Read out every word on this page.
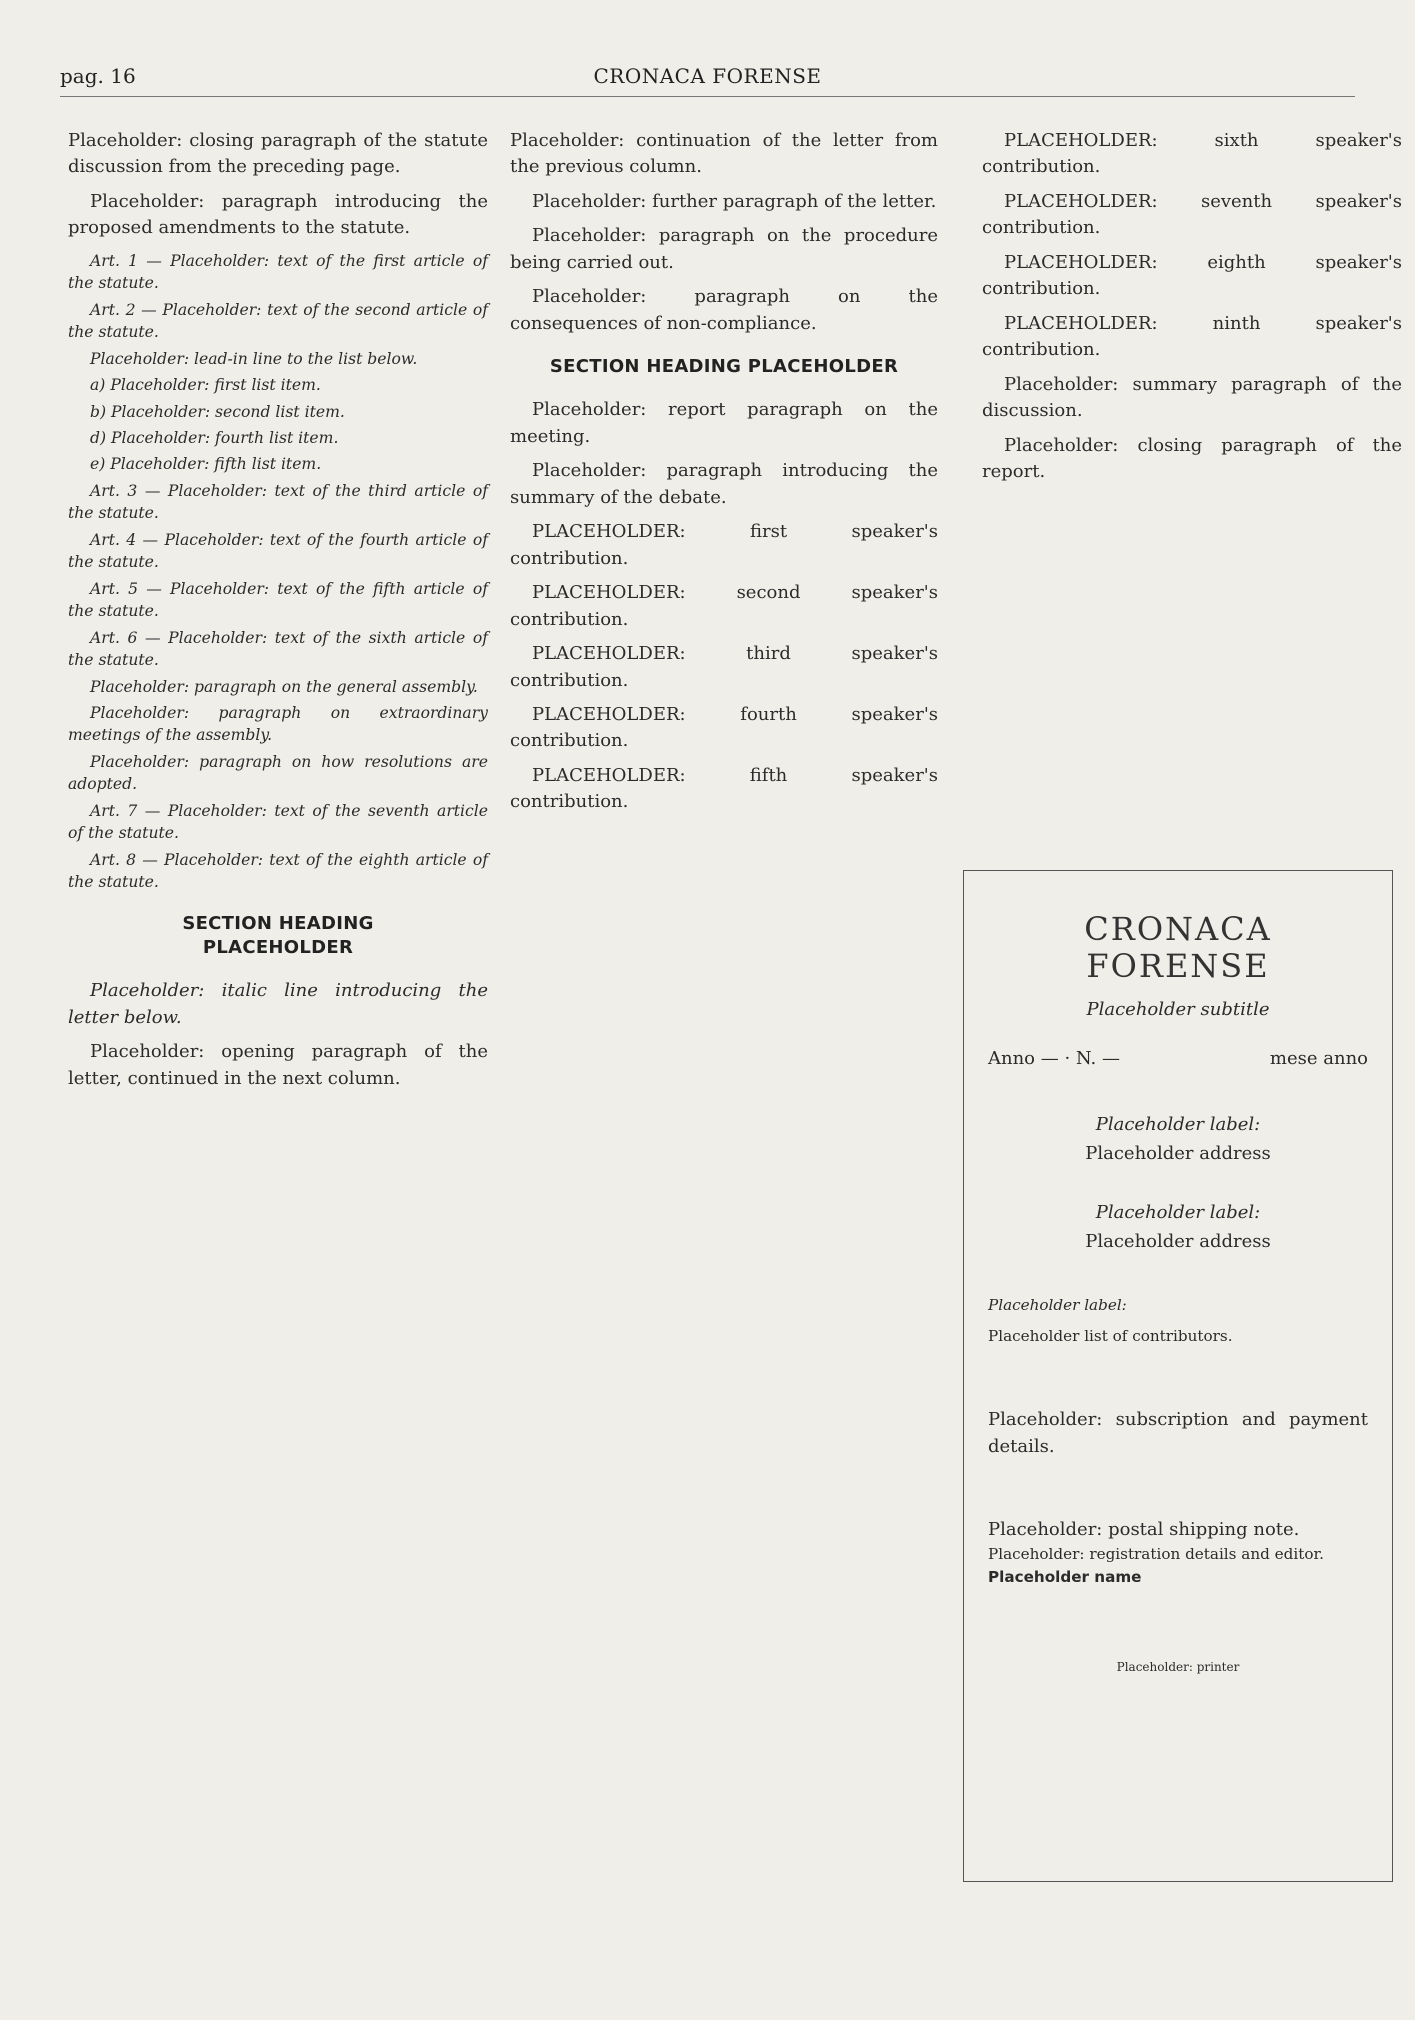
pag. 16	CRONACA FORENSE

Placeholder: closing paragraph of the statute discussion from the preceding page.

Placeholder: paragraph introducing the proposed amendments to the statute.

Art. 1 — Placeholder: text of the first article of the statute.

Art. 2 — Placeholder: text of the second article of the statute.

Placeholder: lead-in line to the list below.

a) Placeholder: first list item.

b) Placeholder: second list item.

d) Placeholder: fourth list item.

e) Placeholder: fifth list item.

Art. 3 — Placeholder: text of the third article of the statute.

Art. 4 — Placeholder: text of the fourth article of the statute.

Art. 5 — Placeholder: text of the fifth article of the statute.

Art. 6 — Placeholder: text of the sixth article of the statute.

Placeholder: paragraph on the general assembly.

Placeholder: paragraph on extraordinary meetings of the assembly.

Placeholder: paragraph on how resolutions are adopted.

Art. 7 — Placeholder: text of the seventh article of the statute.

Art. 8 — Placeholder: text of the eighth article of the statute.

SECTION HEADING
PLACEHOLDER

Placeholder: italic line introducing the letter below.

Placeholder: opening paragraph of the letter, continued in the next column.

Placeholder: continuation of the letter from the previous column.

Placeholder: further paragraph of the letter.

Placeholder: paragraph on the procedure being carried out.

Placeholder: paragraph on the consequences of non-compliance.

SECTION HEADING PLACEHOLDER

Placeholder: report paragraph on the meeting.

Placeholder: paragraph introducing the summary of the debate.

PLACEHOLDER: first speaker's contribution.

PLACEHOLDER: second speaker's contribution.

PLACEHOLDER: third speaker's contribution.

PLACEHOLDER: fourth speaker's contribution.

PLACEHOLDER: fifth speaker's contribution.

PLACEHOLDER: sixth speaker's contribution.

PLACEHOLDER: seventh speaker's contribution.

PLACEHOLDER: eighth speaker's contribution.

PLACEHOLDER: ninth speaker's contribution.

Placeholder: summary paragraph of the discussion.

Placeholder: closing paragraph of the report.

CRONACA
FORENSE
Placeholder subtitle
Anno — · N. —	mese anno
Placeholder label:
Placeholder address
Placeholder label:
Placeholder address
Placeholder label:
Placeholder list of contributors.
Placeholder: subscription and payment details.
Placeholder: postal shipping note.
Placeholder: registration details and editor. Placeholder name
Placeholder: printer
